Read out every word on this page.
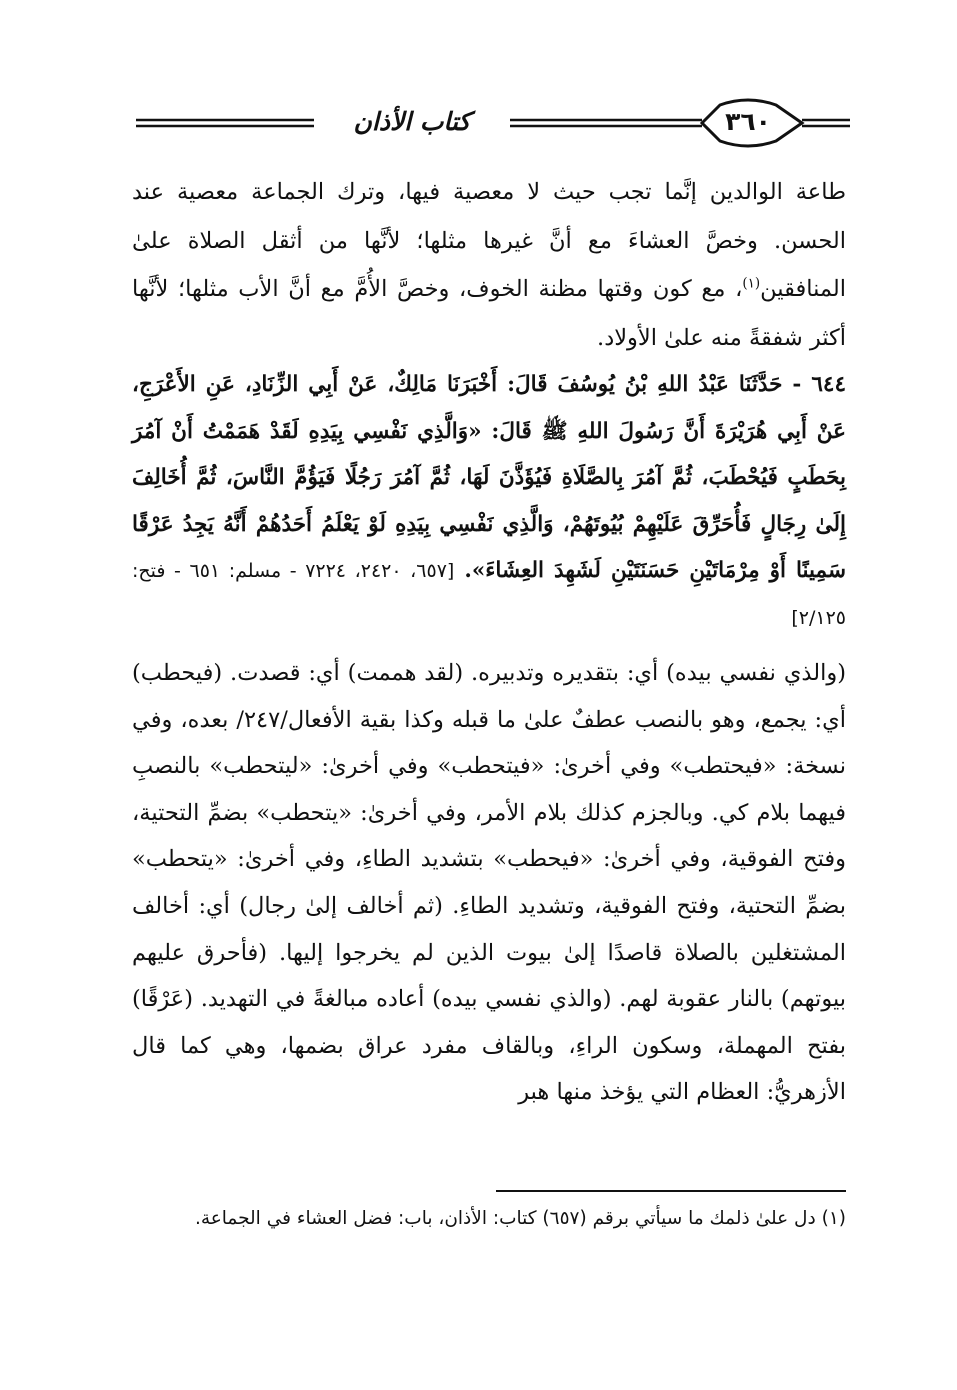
٣٦٠
كتاب الأذان

طاعة الوالدين إنَّما تجب حيث لا معصية فيها، وترك الجماعة معصية عند الحسن. وخصَّ العشاءَ مع أنَّ غيرها مثلها؛ لأنَّها من أثقل الصلاة علىٰ المنافقين$^{(١)}$، مع كون وقتها مظنة الخوف، وخصَّ الأُمَّ مع أنَّ الأب مثلها؛ لأنَّها أكثر شفقةً منه علىٰ الأولاد.

٦٤٤ - حَدَّثَنَا عَبْدُ اللهِ بْنُ يُوسُفَ قَالَ: أَخْبَرَنَا مَالِكٌ، عَنْ أَبِي الزِّنَادِ، عَنِ الأَعْرَجِ، عَنْ أَبِي هُرَيْرَةَ أَنَّ رَسُولَ اللهِ ﷺ قَالَ: «وَالَّذِي نَفْسِي بِيَدِهِ لَقَدْ هَمَمْتُ أَنْ آمُرَ بِحَطَبٍ فَيُحْطَبَ، ثُمَّ آمُرَ بِالصَّلَاةِ فَيُؤَذَّنَ لَهَا، ثُمَّ آمُرَ رَجُلًا فَيَؤُمَّ النَّاسَ، ثُمَّ أُخَالِفَ إِلَىٰ رِجَالٍ فَأُحَرِّقَ عَلَيْهِمْ بُيُوتَهُمْ، وَالَّذِي نَفْسِي بِيَدِهِ لَوْ يَعْلَمُ أَحَدُهُمْ أَنَّهُ يَجِدُ عَرْقًا سَمِينًا أَوْ مِرْمَاتَيْنِ حَسَنَتَيْنِ لَشَهِدَ العِشَاءَ». [٦٥٧، ٢٤٢٠، ٧٢٢٤ - مسلم: ٦٥١ - فتح: ٢/١٢٥]

(والذي نفسي بيده) أي: بتقديره وتدبيره. (لقد هممت) أي: قصدت. (فيحطب) أي: يجمع، وهو بالنصب عطفٌ علىٰ ما قبله وكذا بقية الأفعال/٢٤٧/ بعده، وفي نسخة: «فيحتطب» وفي أخرىٰ: «فيتحطب» وفي أخرىٰ: «ليتحطب» بالنصبِ فيهما بلام كي. وبالجزم كذلك بلام الأمر، وفي أخرىٰ: «يتحطب» بضمِّ التحتية، وفتح الفوقية، وفي أخرىٰ: «فيحطب» بتشديد الطاءِ، وفي أخرىٰ: «يتحطب» بضمِّ التحتية، وفتح الفوقية، وتشديد الطاءِ. (ثم أخالف إلىٰ رجال) أي: أخالف المشتغلين بالصلاة قاصدًا إلىٰ بيوت الذين لم يخرجوا إليها. (فأحرق عليهم بيوتهم) بالنار عقوبة لهم. (والذي نفسي بيده) أعاده مبالغةً في التهديد. (عَرْقًا) بفتح المهملة، وسكون الراءِ، وبالقاف مفرد عراق بضمها، وهي كما قال الأزهريُّ: العظام التي يؤخذ منها هبر

(١) دل علىٰ ذلمك ما سيأتي برقم (٦٥٧) كتاب: الأذان، باب: فضل العشاء في الجماعة.
